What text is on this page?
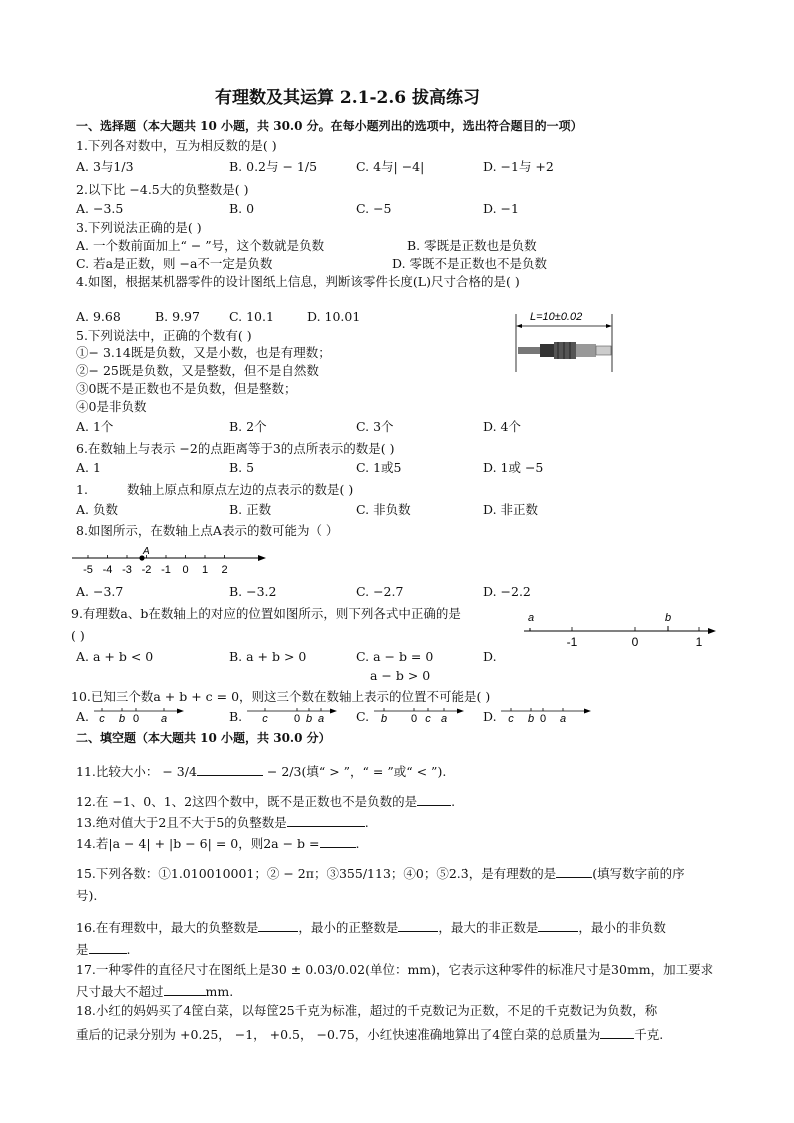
有理数及其运算 2.1-2.6 拔高练习
一、选择题（本大题共 10 小题，共 30.0 分。在每小题列出的选项中，选出符合题目的一项）
1.下列各对数中，互为相反数的是( )
A. 3与1/3	B. 0.2与 − 1/5	C. 4与| −4|	D. −1与 +2
2.以下比 −4.5大的负整数是( )
A. −3.5	B. 0	C. −5	D. −1
3.下列说法正确的是( )
A. 一个数前面加上“ − ”号，这个数就是负数	B. 零既是正数也是负数
C. 若a是正数，则 −a不一定是负数	D. 零既不是正数也不是负数
4.如图，根据某机器零件的设计图纸上信息，判断该零件长度(L)尺寸合格的是( )
A. 9.68	B. 9.97 C. 10.1	D. 10.01	L=10±0.02
5.下列说法中，正确的个数有( )
①− 3.14既是负数，又是小数，也是有理数；
②− 25既是负数，又是整数，但不是自然数
③0既不是正数也不是负数，但是整数；
④0是非负数
A. 1个	B. 2个	C. 3个	D. 4个
6.在数轴上与表示 −2的点距离等于3的点所表示的数是( )
A. 1	B. 5	C. 1或5	D. 1或 −5
1.	数轴上原点和原点左边的点表示的数是( )
A. 负数	B. 正数	C. 非负数	D. 非正数
8.如图所示，在数轴上点A表示的数可能为（ ）
-5 -4 -3 -2 -1 0 1 2
A
A. −3.7	B. −3.2	C. −2.7	D. −2.2
9.有理数a、b在数轴上的对应的位置如图所示，则下列各式中正确的是
( )	-1	0	1
a	b
A. a + b < 0	B. a + b > 0	C. a − b = 0	D.
a − b > 0
10.已知三个数a + b + c = 0，则这三个数在数轴上表示的位置不可能是( )
A. c b 0 a	B. c 0 b a	C. b 0 c a	D. c b 0 a
二、填空题（本大题共 10 小题，共 30.0 分）
11.比较大小： − 3/4	− 2/3(填“ > ”，“ = ”或“ < ”).
12.在 −1、0、1、2这四个数中，既不是正数也不是负数的是	.
13.绝对值大于2且不大于5的负整数是	.
14.若|a − 4| + |b − 6| = 0，则2a − b =	.
15.下列各数：①1.010010001；② − 2π；③355/113；④0；⑤2.3̇，是有理数的是	(填写数字前的序
号).
16.在有理数中，最大的负整数是	，最小的正整数是	，最大的非正数是	，最小的非负数
是	.
17.一种零件的直径尺寸在图纸上是30 ± 0.03/0.02(单位：mm)，它表示这种零件的标准尺寸是30mm，加工要求
尺寸最大不超过	mm.
18.小红的妈妈买了4筐白菜，以每筐25千克为标准，超过的千克数记为正数，不足的千克数记为负数，称
重后的记录分别为 +0.25， −1， +0.5， −0.75，小红快速准确地算出了4筐白菜的总质量为	千克.
